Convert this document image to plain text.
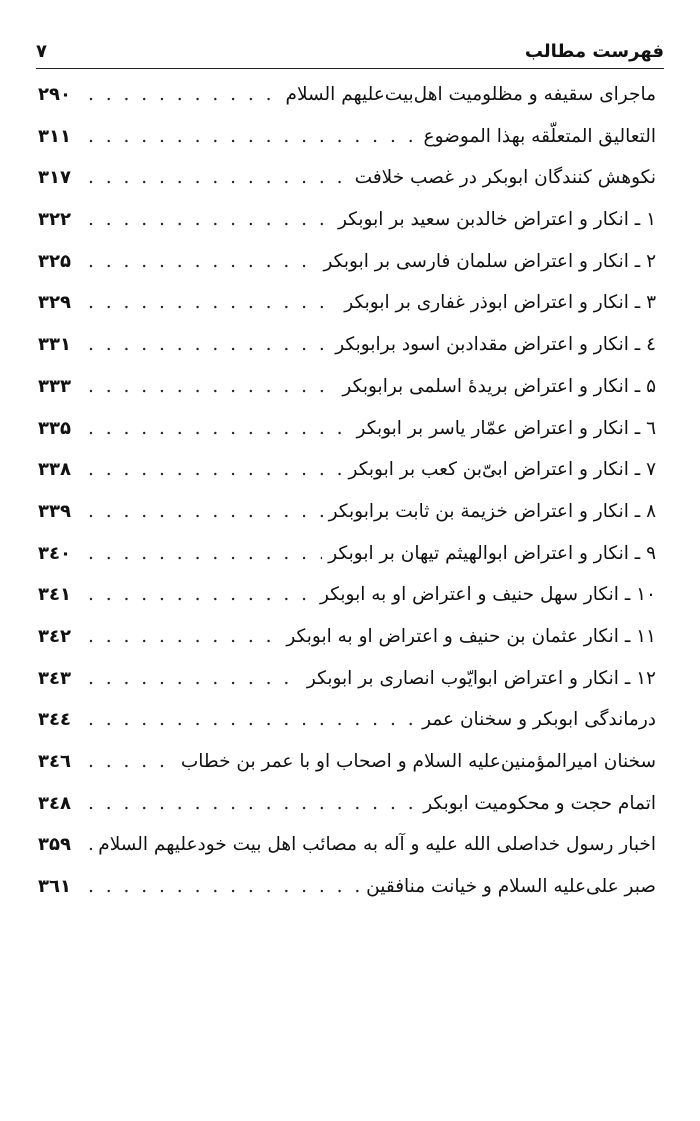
فهرست مطالب
۷
ماجرای سقیفه و مظلومیت اهل‌بیت‌علیهم السلام
. . .
۲۹۰
التعالیق المتعلّقه بهذا الموضوع
. . .
۳۱۱
نکوهش کنندگان ابوبکر در غصب خلافت
. . .
۳۱۷
۱ ـ انکار و اعتراض خالدبن سعید بر ابوبکر
. . .
۳۲۲
۲ ـ انکار و اعتراض سلمان فارسی بر ابوبکر
. . .
۳۲۵
۳ ـ انکار و اعتراض ابوذر غفاری بر ابوبکر
. . .
۳۲۹
٤ ـ انکار و اعتراض مقدادبن اسود برابوبکر
. . .
۳۳۱
۵ ـ انکار و اعتراض بریدهٔ اسلمی برابوبکر
. . .
۳۳۳
٦ ـ انکار و اعتراض عمّار یاسر بر ابوبکر
. . .
۳۳۵
۷ ـ انکار و اعتراض ابیّ‌بن کعب بر ابوبکر
. . .
۳۳۸
۸ ـ انکار و اعتراض خزیمة بن ثابت برابوبکر
. . .
۳۳۹
۹ ـ انکار و اعتراض ابوالهیثم تیهان بر ابوبکر
. . .
۳٤۰
۱۰ ـ انکار سهل حنیف و اعتراض او به ابوبکر
. . .
۳٤۱
۱۱ ـ انکار عثمان بن حنیف و اعتراض او به ابوبکر
. . .
۳٤۲
۱۲ ـ انکار و اعتراض ابوایّوب انصاری بر ابوبکر
. . .
۳٤۳
درماندگی ابوبکر و سخنان عمر
. . .
۳٤٤
سخنان امیرالمؤمنین‌علیه السلام و اصحاب او با عمر بن خطاب
. . .
۳٤٦
اتمام حجت و محکومیت ابوبکر
. . .
۳٤۸
اخبار رسول خداصلی الله علیه و آله به مصائب اهل بیت خودعلیهم السلام
. . .
۳۵۹
صبر علی‌علیه السلام و خیانت منافقین
. . .
۳٦۱
